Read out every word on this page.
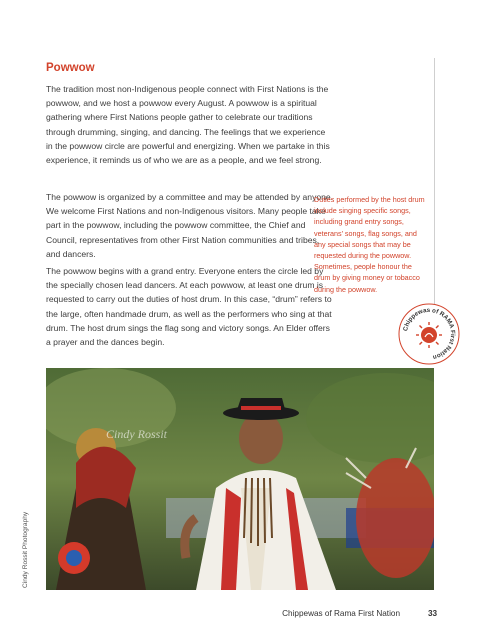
Powwow

The tradition most non-Indigenous people connect with First Nations is the powwow, and we host a powwow every August. A powwow is a spiritual gathering where First Nations people gather to celebrate our traditions through drumming, singing, and dancing. The feelings that we experience in the powwow circle are powerful and energizing. When we partake in this experience, it reminds us of who we are as a people, and we feel strong.

The powwow is organized by a committee and may be attended by anyone. We welcome First Nations and non-Indigenous visitors. Many people take part in the powwow, including the powwow committee, the Chief and Council, representatives from other First Nation communities and tribes, and dancers.

The powwow begins with a grand entry. Everyone enters the circle led by the specially chosen lead dancers. At each powwow, at least one drum is requested to carry out the duties of host drum. In this case, “drum” refers to the large, often handmade drum, as well as the performers who sing at that drum. The host drum sings the flag song and victory songs. An Elder offers a prayer and the dances begin.

Duties performed by the host drum include singing specific songs, including grand entry songs, veterans’ songs, flag songs, and any special songs that may be requested during the powwow. Sometimes, people honour the drum by giving money or tobacco during the powwow.
Chippewas of RAMA First Nation
Cindy Rossit
Cindy Rossit Photography
Chippewas of Rama First Nation	33
